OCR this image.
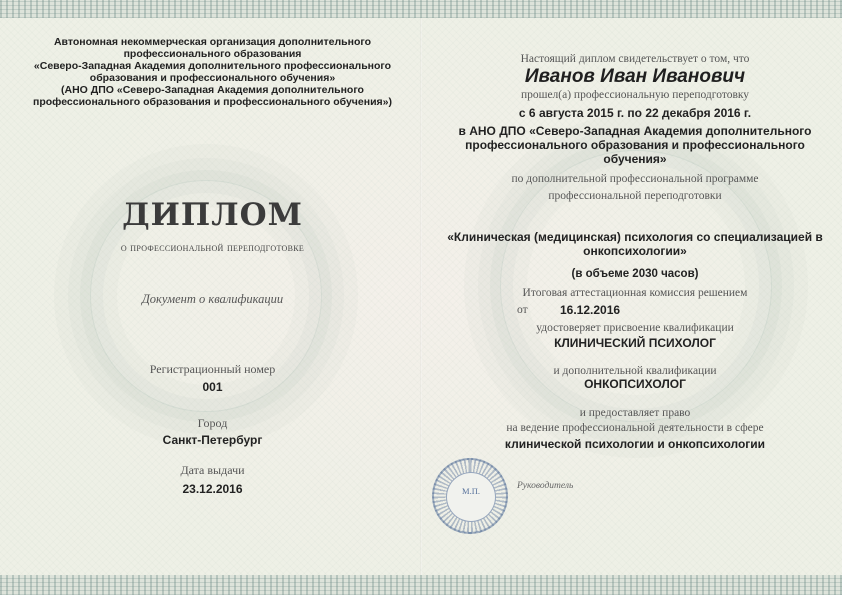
Автономная некоммерческая организация дополнительного
профессионального образования
«Северо-Западная Академия дополнительного профессионального
образования и профессионального обучения»
(АНО ДПО «Северо-Западная Академия дополнительного
профессионального образования и профессионального обучения»)
ДИПЛОМ
о профессиональной переподготовке
Документ о квалификации
Регистрационный номер
001
Город
Санкт-Петербург
Дата выдачи
23.12.2016
Настоящий диплом свидетельствует о том, что
Иванов Иван Иванович
прошел(а) профессиональную переподготовку
с 6 августа 2015 г. по 22 декабря 2016 г.
в АНО ДПО «Северо-Западная Академия дополнительного
профессионального образования и профессионального
обучения»
по дополнительной профессиональной программе
профессиональной переподготовки
«Клиническая (медицинская) психология со специализацией в
онкопсихологии»
(в объеме 2030 часов)
Итоговая аттестационная комиссия решением
от	16.12.2016
удостоверяет присвоение квалификации
КЛИНИЧЕСКИЙ ПСИХОЛОГ
и дополнительной квалификации
ОНКОПСИХОЛОГ
и предоставляет право
на ведение профессиональной деятельности в сфере
клинической психологии и онкопсихологии
М.П.	Руководитель
